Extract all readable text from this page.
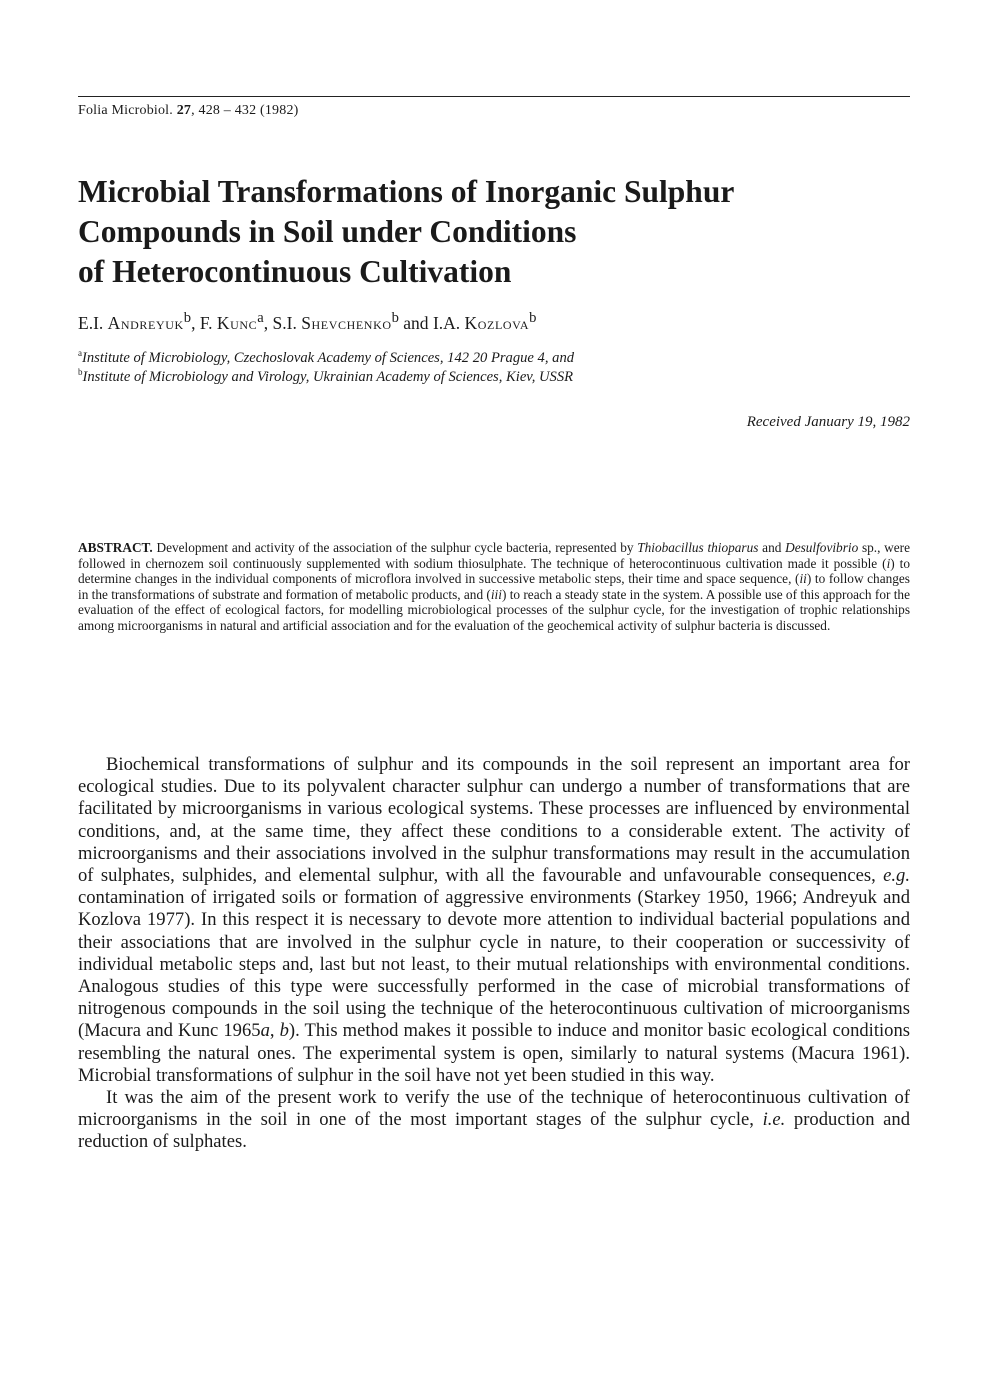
Folia Microbiol. 27, 428 – 432 (1982)
Microbial Transformations of Inorganic Sulphur
Compounds in Soil under Conditions
of Heterocontinuous Cultivation
E.I. Andreyuk$^b$, F. Kunc$^a$, S.I. Shevchenko$^b$ and I.A. Kozlova$^b$
$^a$Institute of Microbiology, Czechoslovak Academy of Sciences, 142 20 Prague 4, and
$^b$Institute of Microbiology and Virology, Ukrainian Academy of Sciences, Kiev, USSR
Received January 19, 1982

ABSTRACT. Development and activity of the association of the sulphur cycle bacteria, represented by Thiobacillus thioparus and Desulfovibrio sp., were followed in chernozem soil continuously supplemented with sodium thiosulphate. The technique of heterocontinuous cultivation made it possible (i) to determine changes in the individual components of microflora involved in successive metabolic steps, their time and space sequence, (ii) to follow changes in the transformations of substrate and formation of metabolic products, and (iii) to reach a steady state in the system. A possible use of this approach for the evaluation of the effect of ecological factors, for modelling microbiological processes of the sulphur cycle, for the investigation of trophic relationships among microorganisms in natural and artificial association and for the evaluation of the geochemical activity of sulphur bacteria is discussed.

Biochemical transformations of sulphur and its compounds in the soil represent an important area for ecological studies. Due to its polyvalent character sulphur can undergo a number of transformations that are facilitated by microorganisms in various ecological systems. These processes are influenced by environmental conditions, and, at the same time, they affect these conditions to a considerable extent. The activity of microorganisms and their associations involved in the sulphur transformations may result in the accumulation of sulphates, sulphides, and elemental sulphur, with all the favourable and unfavourable consequences, e.g. contamination of irrigated soils or formation of aggressive environments (Starkey 1950, 1966; Andreyuk and Kozlova 1977). In this respect it is necessary to devote more attention to individual bacterial populations and their associations that are involved in the sulphur cycle in nature, to their cooperation or successivity of individual metabolic steps and, last but not least, to their mutual relationships with environmental conditions. Analogous studies of this type were successfully performed in the case of microbial transformations of nitrogenous compounds in the soil using the technique of the heterocontinuous cultivation of microorganisms (Macura and Kunc 1965a, b). This method makes it possible to induce and monitor basic ecological conditions resembling the natural ones. The experimental system is open, similarly to natural systems (Macura 1961). Microbial transformations of sulphur in the soil have not yet been studied in this way.

It was the aim of the present work to verify the use of the technique of heterocontinuous cultivation of microorganisms in the soil in one of the most important stages of the sulphur cycle, i.e. production and reduction of sulphates.
